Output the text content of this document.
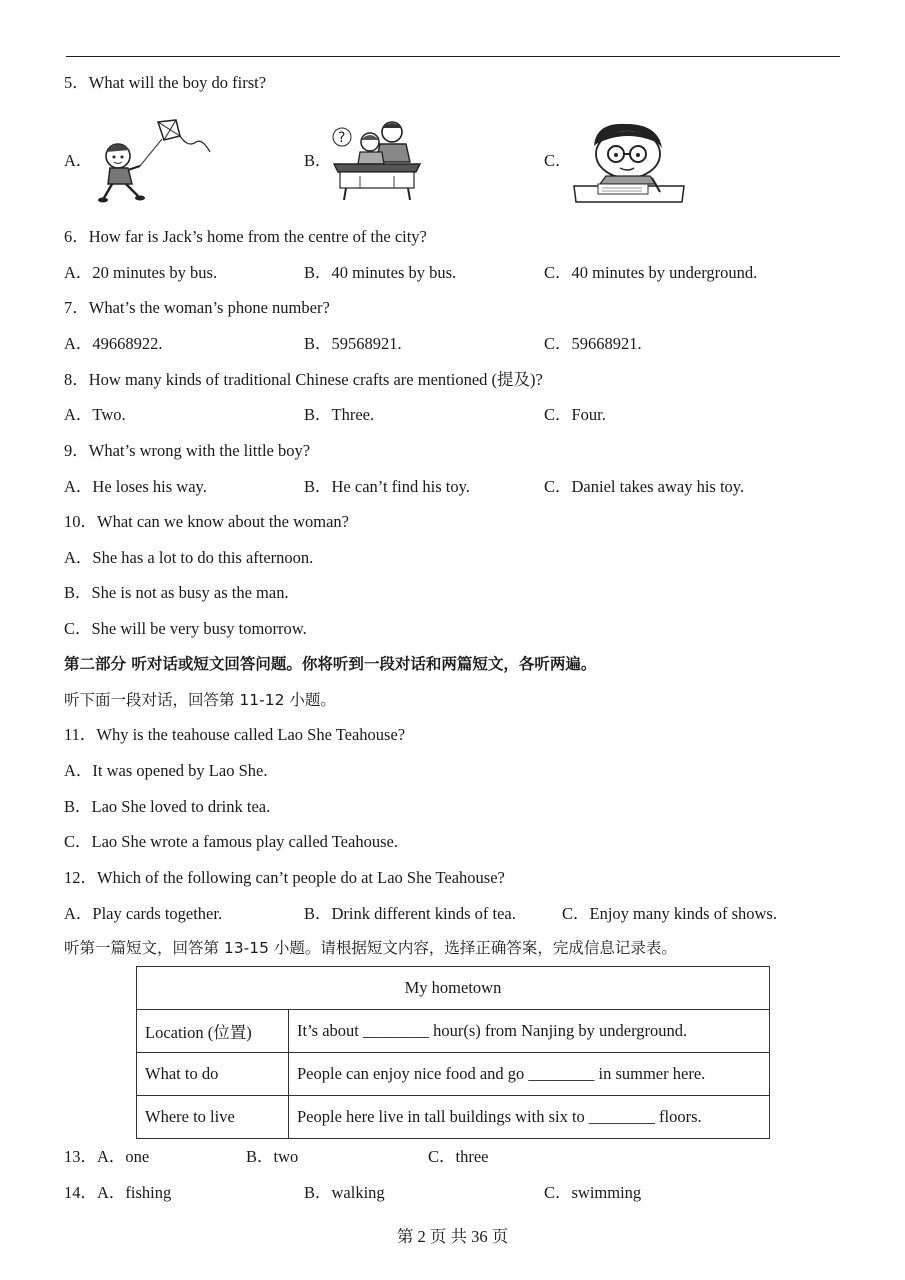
5．What will the boy do first?
A．	B．
?
C．
6．How far is Jack’s home from the centre of the city?
A．20 minutes by bus.	B．40 minutes by bus.	C．40 minutes by underground.
7．What’s the woman’s phone number?
A．49668922.	B．59568921.	C．59668921.
8．How many kinds of traditional Chinese crafts are mentioned (提及)?
A．Two.	B．Three.	C．Four.
9．What’s wrong with the little boy?
A．He loses his way.	B．He can’t find his toy.	C．Daniel takes away his toy.
10．What can we know about the woman?
A．She has a lot to do this afternoon.
B．She is not as busy as the man.
C．She will be very busy tomorrow.
第二部分 听对话或短文回答问题。你将听到一段对话和两篇短文，各听两遍。
听下面一段对话，回答第 11-12 小题。
11．Why is the teahouse called Lao She Teahouse?
A．It was opened by Lao She.
B．Lao She loved to drink tea.
C．Lao She wrote a famous play called Teahouse.
12．Which of the following can’t people do at Lao She Teahouse?
A．Play cards together.	B．Drink different kinds of tea.	C．Enjoy many kinds of shows.
听第一篇短文，回答第 13-15 小题。请根据短文内容，选择正确答案，完成信息记录表。
My hometown	
Location (位置)	It’s about ________ hour(s) from Nanjing by underground.
What to do	People can enjoy nice food and go ________ in summer here.
Where to live	People here live in tall buildings with six to ________ floors.
13．A．one	B．two	C．three
14．A．fishing	B．walking	C．swimming
第 2 页 共 36 页
